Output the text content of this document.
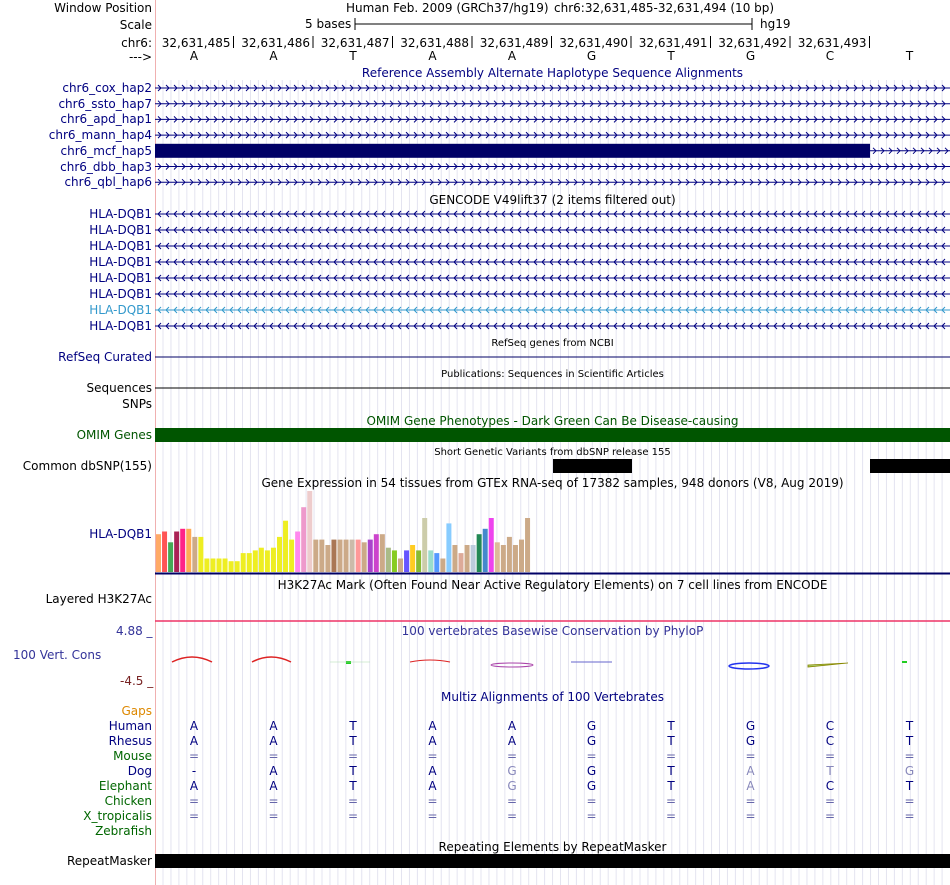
Window Position	Human Feb. 2009 (GRCh37/hg19) chr6:32,631,485-32,631,494 (10 bp)
Scale	5 bases	hg19
chr6: 32,631,485 32,631,486 32,631,487 32,631,488 32,631,489 32,631,490 32,631,491 32,631,492 32,631,493
--->	A	A	T	A	A	G	T	G	C	T
Reference Assembly Alternate Haplotype Sequence Alignments
chr6_cox_hap2
chr6_ssto_hap7
chr6_apd_hap1
chr6_mann_hap4
chr6_mcf_hap5
chr6_dbb_hap3
chr6_qbl_hap6
GENCODE V49lift37 (2 items filtered out)
HLA-DQB1
HLA-DQB1
HLA-DQB1
HLA-DQB1
HLA-DQB1
HLA-DQB1
HLA-DQB1
HLA-DQB1
RefSeq genes from NCBI
RefSeq Curated
Publications: Sequences in Scientific Articles
Sequences
SNPs
OMIM Gene Phenotypes - Dark Green Can Be Disease-causing
OMIM Genes
Short Genetic Variants from dbSNP release 155
Common dbSNP(155)
Gene Expression in 54 tissues from GTEx RNA-seq of 17382 samples, 948 donors (V8, Aug 2019)
HLA-DQB1
H3K27Ac Mark (Often Found Near Active Regulatory Elements) on 7 cell lines from ENCODE
Layered H3K27Ac
100 vertebrates Basewise Conservation by PhyloP
4.88 _
100 Vert. Cons
-4.5 _
Multiz Alignments of 100 Vertebrates
Gaps
Human	A	A	T	A	A	G	T	G	C	T
Rhesus	A	A	T	A	A	G	T	G	C	T
Mouse	=	=	=	=	=	=	=	=	=	=
Dog	-	A	T	A	G	G	T	A	T	G
Elephant	A	A	T	A	G	G	T	A	C	T
Chicken	=	=	=	=	=	=	=	=	=	=
X_tropicalis	=	=	=	=	=	=	=	=	=	=
Zebrafish
Repeating Elements by RepeatMasker
RepeatMasker
